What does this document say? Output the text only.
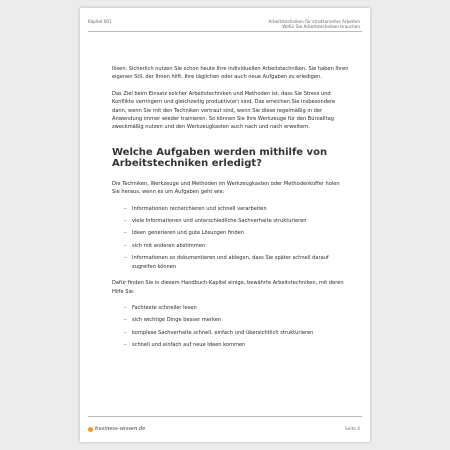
Kapitel 001	Arbeitstechniken für strukturiertes Arbeiten
Wofür Sie Arbeitstechniken brauchen

lösen. Sicherlich nutzen Sie schon heute Ihre individuellen Arbeitstechniken. Sie haben Ihren eigenen Stil, der Ihnen hilft, Ihre täglichen oder auch neue Aufgaben zu erledigen.

Das Ziel beim Einsatz solcher Arbeitstechniken und Methoden ist, dass Sie Stress und Konflikte verringern und gleichzeitig produktiv(er) sind. Das erreichen Sie insbesondere dann, wenn Sie mit den Techniken vertraut sind, wenn Sie diese regelmäßig in der Anwendung immer wieder trainieren. So können Sie Ihre Werkzeuge für den Büroalltag zweckmäßig nutzen und den Werkzeugkasten auch nach und nach erweitern.

Welche Aufgaben werden mithilfe von Arbeitstechniken erledigt?

Die Techniken, Werkzeuge und Methoden im Werkzeugkasten oder Methodenkoffer holen Sie heraus, wenn es um Aufgaben geht wie:

– Informationen recherchieren und schnell verarbeiten
– viele Informationen und unterschiedliche Sachverhalte strukturieren
– Ideen generieren und gute Lösungen finden
– sich mit anderen abstimmen
– Informationen so dokumentieren und ablegen, dass Sie später schnell darauf zugreifen können

Dafür finden Sie in diesem Handbuch-Kapitel einige, bewährte Arbeitstechniken, mit deren Hilfe Sie:

– Fachtexte schneller lesen
– sich wichtige Dinge besser merken
– komplexe Sachverhalte schnell, einfach und übersichtlich strukturieren
– schnell und einfach auf neue Ideen kommen
business-wissen.de	Seite 4
